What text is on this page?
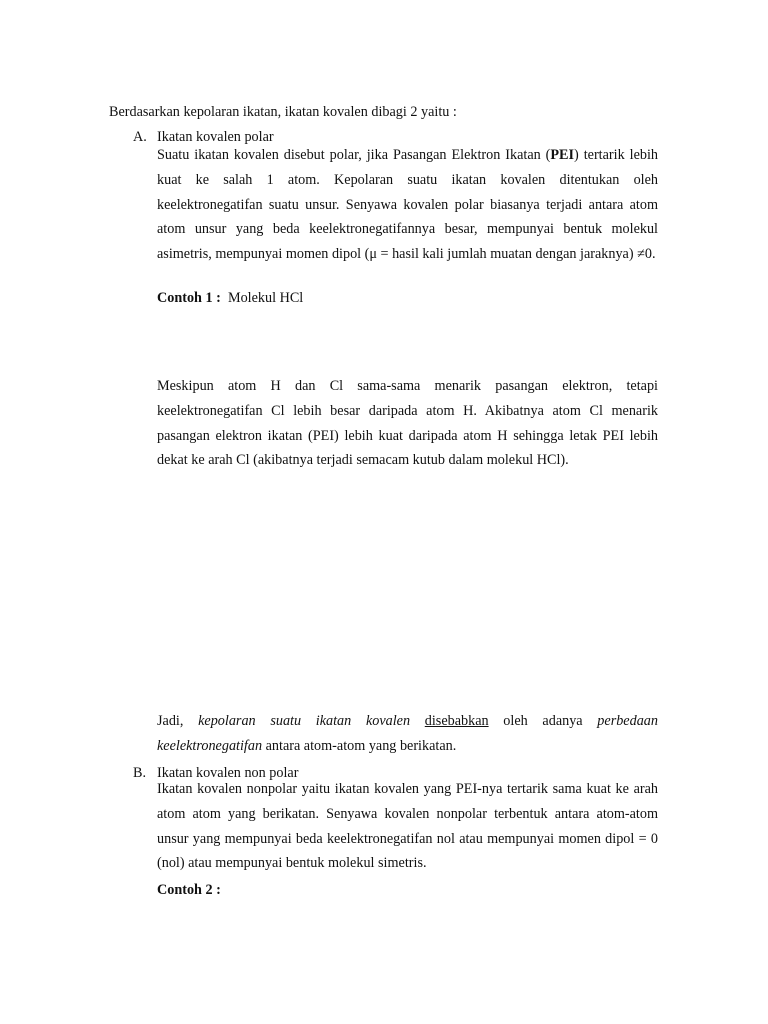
Berdasarkan kepolaran ikatan, ikatan kovalen dibagi 2 yaitu :
A. Ikatan kovalen polar
Suatu ikatan kovalen disebut polar, jika Pasangan Elektron Ikatan (PEI) tertarik lebih kuat ke salah 1 atom. Kepolaran suatu ikatan kovalen ditentukan oleh keelektronegatifan suatu unsur. Senyawa kovalen polar biasanya terjadi antara atom atom unsur yang beda keelektronegatifannya besar, mempunyai bentuk molekul asimetris, mempunyai momen dipol (μ = hasil kali jumlah muatan dengan jaraknya) ≠0.
Contoh 1 : Molekul HCl
Meskipun atom H dan Cl sama-sama menarik pasangan elektron, tetapi keelektronegatifan Cl lebih besar daripada atom H. Akibatnya atom Cl menarik pasangan elektron ikatan (PEI) lebih kuat daripada atom H sehingga letak PEI lebih dekat ke arah Cl (akibatnya terjadi semacam kutub dalam molekul HCl).
Jadi, kepolaran suatu ikatan kovalen disebabkan oleh adanya perbedaan keelektronegatifan antara atom-atom yang berikatan.
B. Ikatan kovalen non polar
Ikatan kovalen nonpolar yaitu ikatan kovalen yang PEI-nya tertarik sama kuat ke arah atom atom yang berikatan. Senyawa kovalen nonpolar terbentuk antara atom-atom unsur yang mempunyai beda keelektronegatifan nol atau mempunyai momen dipol = 0 (nol) atau mempunyai bentuk molekul simetris.
Contoh 2 :
